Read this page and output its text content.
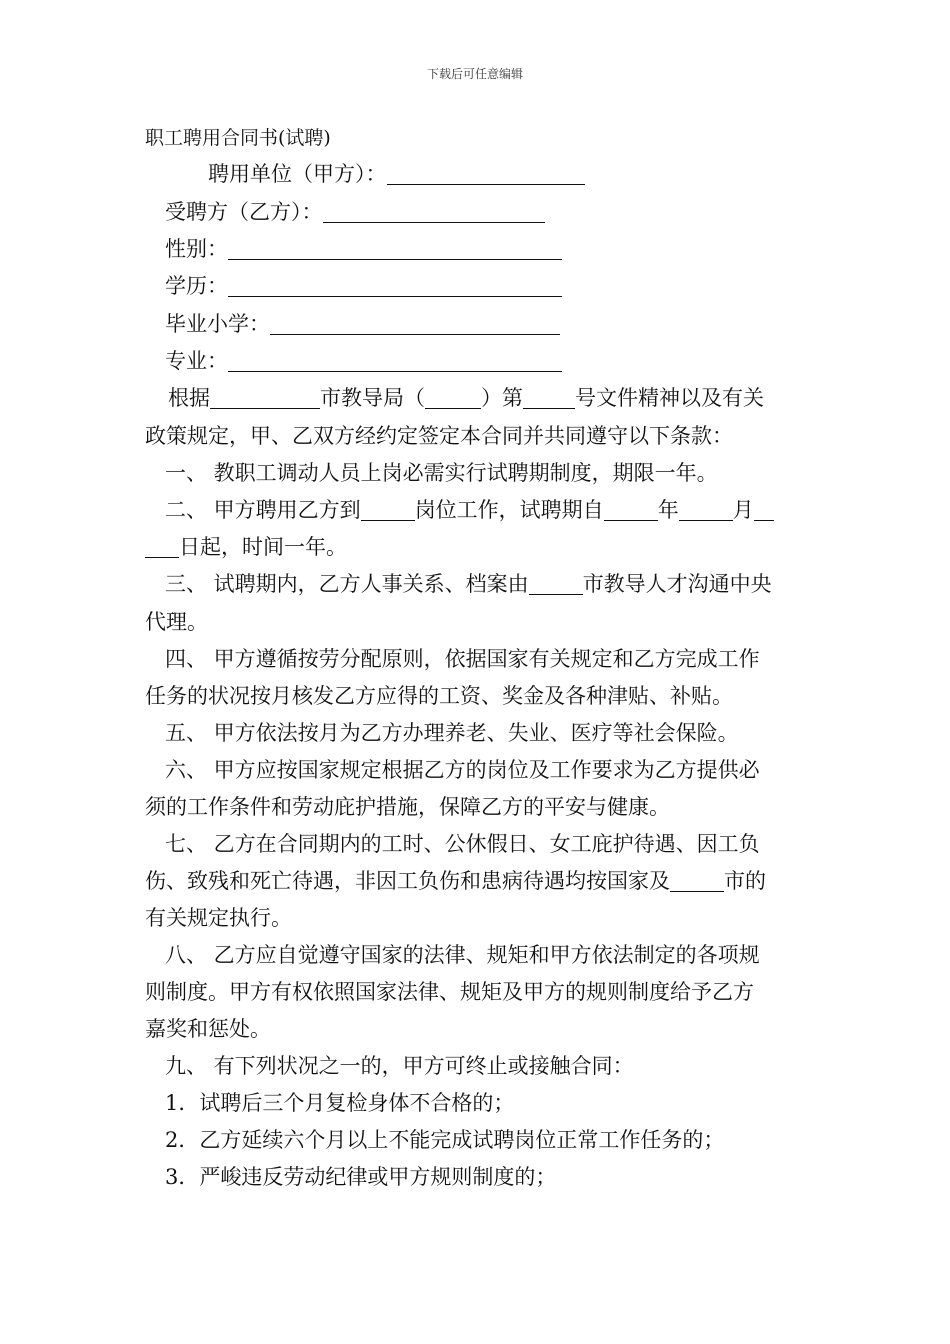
下载后可任意编辑
职工聘用合同书(试聘)
聘用单位（甲方）：
受聘方（乙方）：
性别：
学历：
毕业小学：
专业：
根据	市教导局（	）第 号文件精神以及有关
政策规定，甲、乙双方经约定签定本合同并共同遵守以下条款：
一、 教职工调动人员上岗必需实行试聘期制度，期限一年。
二、 甲方聘用乙方到	岗位工作，试聘期自	年	月
日起，时间一年。
三、 试聘期内，乙方人事关系、档案由	市教导人才沟通中央
代理。
四、 甲方遵循按劳分配原则，依据国家有关规定和乙方完成工作
任务的状况按月核发乙方应得的工资、奖金及各种津贴、补贴。
五、 甲方依法按月为乙方办理养老、失业、医疗等社会保险。
六、 甲方应按国家规定根据乙方的岗位及工作要求为乙方提供必
须的工作条件和劳动庇护措施，保障乙方的平安与健康。
七、 乙方在合同期内的工时、公休假日、女工庇护待遇、因工负
伤、致残和死亡待遇，非因工负伤和患病待遇均按国家及	市的
有关规定执行。
八、 乙方应自觉遵守国家的法律、规矩和甲方依法制定的各项规
则制度。甲方有权依照国家法律、规矩及甲方的规则制度给予乙方
嘉奖和惩处。
九、 有下列状况之一的，甲方可终止或接触合同：
1．试聘后三个月复检身体不合格的；
2．乙方延续六个月以上不能完成试聘岗位正常工作任务的；
3．严峻违反劳动纪律或甲方规则制度的；
